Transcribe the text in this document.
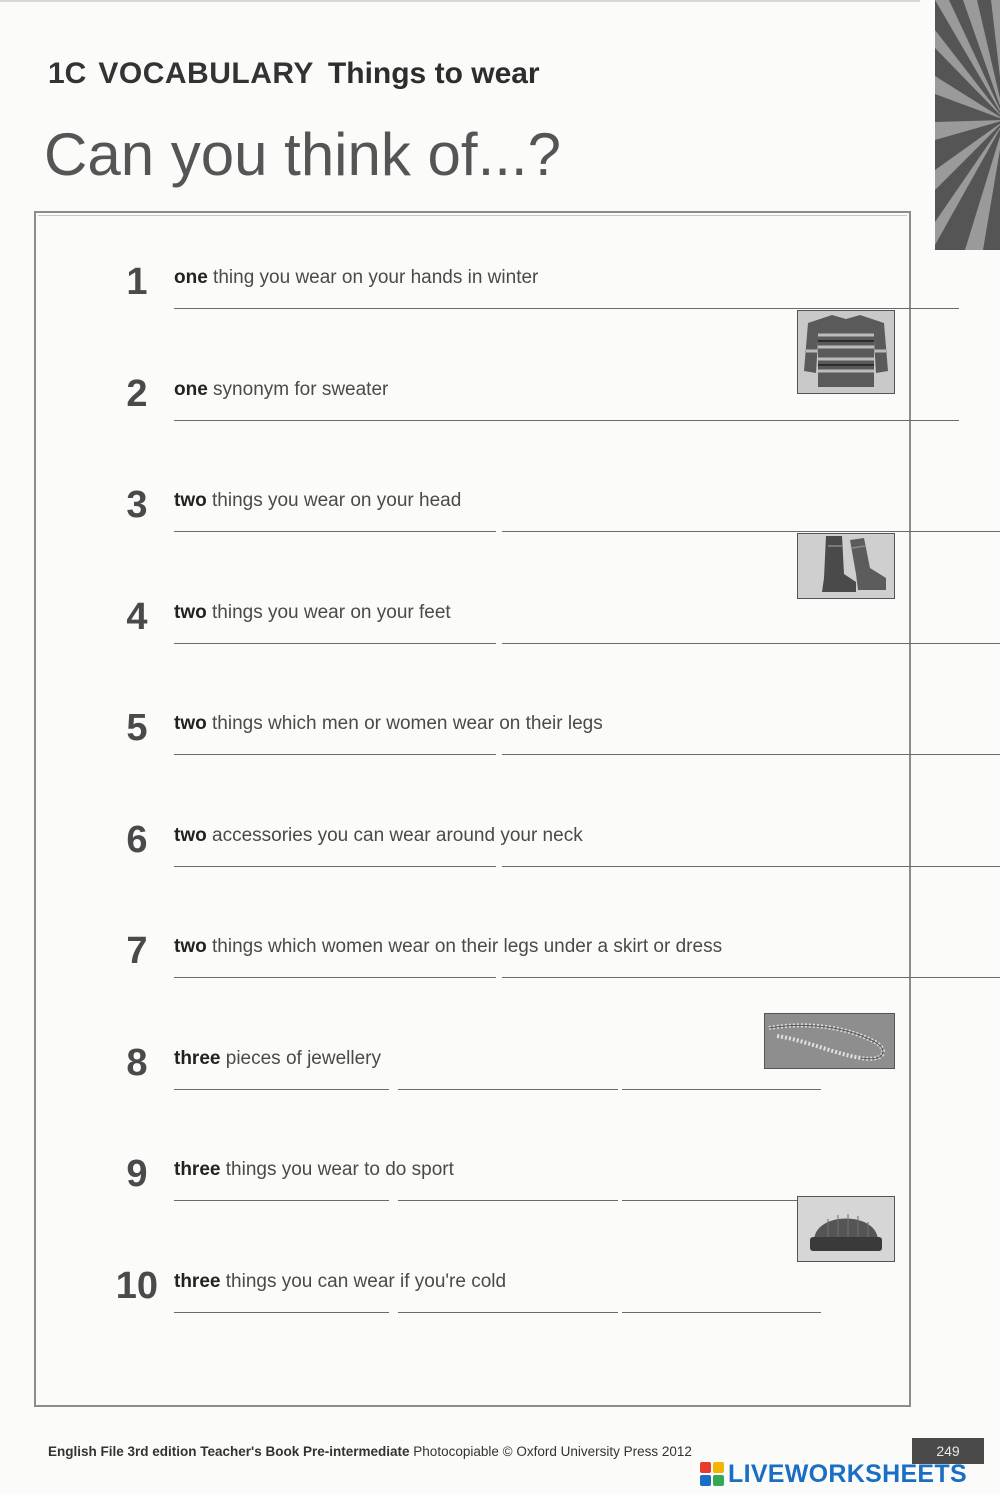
1C VOCABULARY Things to wear
Can you think of...?
1 one thing you wear on your hands in winter
2 one synonym for sweater
3 two things you wear on your head
4 two things you wear on your feet
5 two things which men or women wear on their legs
6 two accessories you can wear around your neck
7 two things which women wear on their legs under a skirt or dress
8 three pieces of jewellery
9 three things you wear to do sport
10 three things you can wear if you're cold
English File 3rd edition Teacher's Book Pre-intermediate Photocopiable © Oxford University Press 2012	249
LIVEWORKSHEETS
